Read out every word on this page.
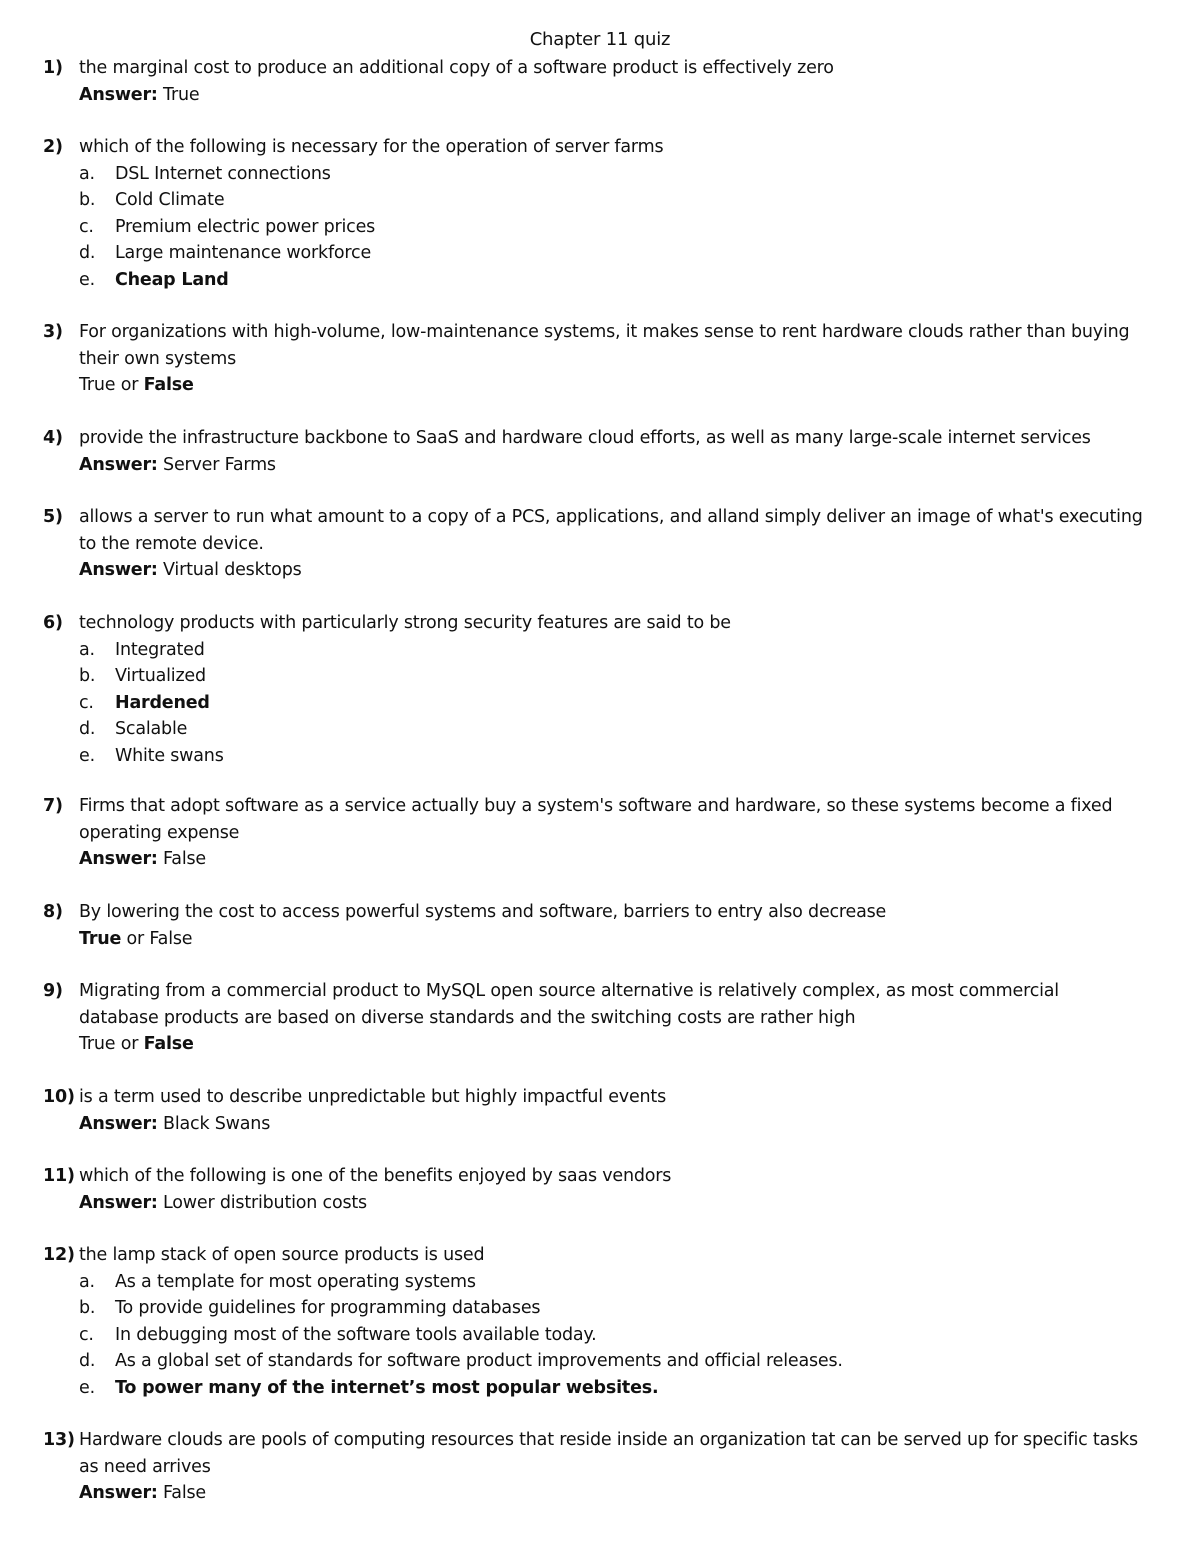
Chapter 11 quiz
1) the marginal cost to produce an additional copy of a software product is effectively zero
Answer: True
2) which of the following is necessary for the operation of server farms
a.	DSL Internet connections
b.	Cold Climate
c.	Premium electric power prices
d.	Large maintenance workforce
e.	Cheap Land
3) For organizations with high-volume, low-maintenance systems, it makes sense to rent hardware clouds rather than buying
their own systems
True or False
4) provide the infrastructure backbone to SaaS and hardware cloud efforts, as well as many large-scale internet services
Answer: Server Farms
5) allows a server to run what amount to a copy of a PCS, applications, and alland simply deliver an image of what's executing
to the remote device.
Answer: Virtual desktops
6) technology products with particularly strong security features are said to be
a.	Integrated
b.	Virtualized
c.	Hardened
d.	Scalable
e.	White swans
7) Firms that adopt software as a service actually buy a system's software and hardware, so these systems become a fixed
operating expense
Answer: False
8) By lowering the cost to access powerful systems and software, barriers to entry also decrease
True or False
9) Migrating from a commercial product to MySQL open source alternative is relatively complex, as most commercial
database products are based on diverse standards and the switching costs are rather high
True or False
10) is a term used to describe unpredictable but highly impactful events
Answer: Black Swans
11) which of the following is one of the benefits enjoyed by saas vendors
Answer: Lower distribution costs
12) the lamp stack of open source products is used
a.	As a template for most operating systems
b.	To provide guidelines for programming databases
c.	In debugging most of the software tools available today.
d.	As a global set of standards for software product improvements and official releases.
e.	To power many of the internet’s most popular websites.
13) Hardware clouds are pools of computing resources that reside inside an organization tat can be served up for specific tasks
as need arrives
Answer: False
